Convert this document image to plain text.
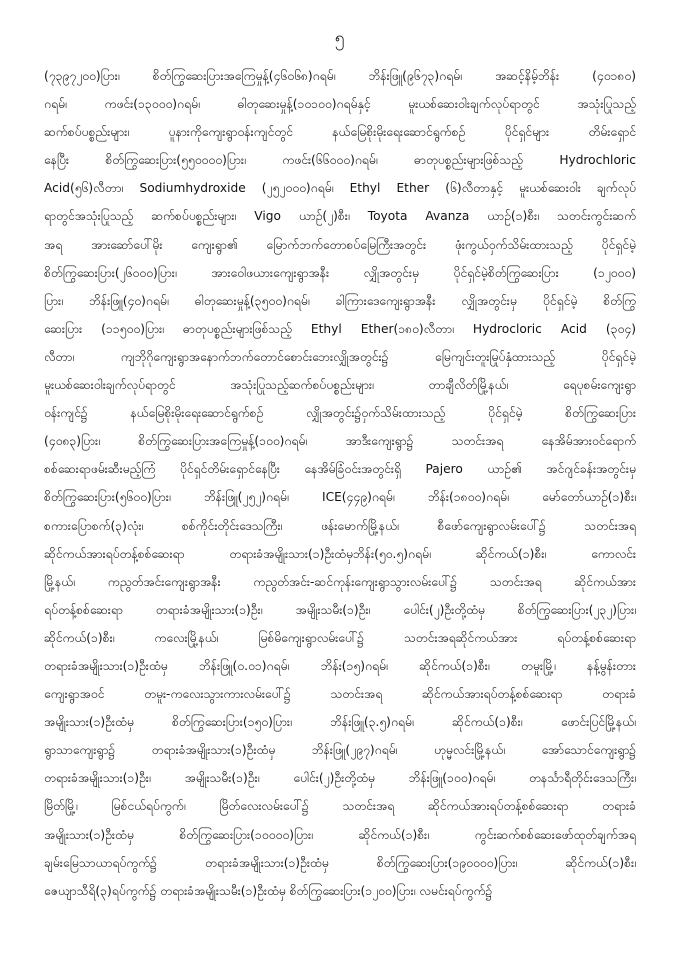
၅
(၇၃၉၇၂၀၀)ပြား၊ စိတ်ကြွဆေးပြားအကြေမှုန့်(၄၆၀၆၈)ဂရမ်၊ ဘိန်းဖြူ(၉၆၇၃)ဂရမ်၊ အဆင့်နိမ့်ဘိန်း (၄၀၁၈၀)
ဂရမ်၊ ကဖင်း(၁၃၀၀၀)ဂရမ်၊ ဓါတုဆေးမှုန့်(၁၀၁၀၀)ဂရမ်နှင့် မူးယစ်ဆေးဝါးချက်လုပ်ရာတွင် အသုံးပြုသည့်
ဆက်စပ်ပစ္စည်းများ၊ ပူနားကိုကျေးရွာဝန်းကျင်တွင် နယ်မြေစိုးမိုးရေးဆောင်ရွက်စဉ် ပိုင်ရှင်များ တိမ်းရှောင်
နေပြီး စိတ်ကြွဆေးပြား(၅၅၀၀၀၀)ပြား၊ ကဖင်း(၆၆၀၀၀)ဂရမ်၊ ဓာတုပစ္စည်းများဖြစ်သည့် Hydrochloric
Acid(၅၆)လီတာ၊ Sodiumhydroxide (၂၅၂၀၀၀)ဂရမ်၊ Ethyl Ether (၆)လီတာနှင့် မူးယစ်ဆေးဝါး ချက်လုပ်
ရာတွင်အသုံးပြုသည့် ဆက်စပ်ပစ္စည်းများ၊ Vigo ယာဉ်(၂)စီး၊ Toyota Avanza ယာဉ်(၁)စီး၊ သတင်းကွင်းဆက်
အရ အားဆော်ပေါ်မိုး ကျေးရွာ၏ မြောက်ဘက်တောစပ်မြေကြီးအတွင်း ဖုံးကွယ်ဝှက်သိမ်းထားသည့် ပိုင်ရှင်မဲ့
စိတ်ကြွဆေးပြား(၂၆၀၀၀)ပြား၊ အားဝေါဖယားကျေးရွာအနီး လျှိုအတွင်းမှ ပိုင်ရှင်မဲ့စိတ်ကြွဆေးပြား (၁၂၀၀၀)
ပြား၊ ဘိန်းဖြူ(၄၀)ဂရမ်၊ ဓါတုဆေးမှုန့်(၃၅၀၀)ဂရမ်၊ ခါကြားဒေကျေးရွာအနီး လျှိုအတွင်းမှ ပိုင်ရှင်မဲ့ စိတ်ကြွ
ဆေးပြား (၁၁၅၀၀)ပြား၊ ဓာတုပစ္စည်းများဖြစ်သည့် Ethyl Ether(၁၈၀)လီတာ၊ Hydrocloric Acid (၃၀၄)
လီတာ၊ ကျဘိုဂိုကျေးရွာအနောက်ဘက်တောင်စောင်းဘေးလျှိုအတွင်း၌ မြေကျင်းတူးမြုပ်နှံထားသည့် ပိုင်ရှင်မဲ့
မူးယစ်ဆေးဝါးချက်လုပ်ရာတွင် အသုံးပြုသည့်ဆက်စပ်ပစ္စည်းများ၊ တာချီလိတ်မြို့နယ်၊ ရေပုစမ်းကျေးရွာ
ဝန်းကျင်၌ နယ်မြေစိုးမိုးရေးဆောင်ရွက်စဉ် လျှိုအတွင်း၌ဝှက်သိမ်းထားသည့် ပိုင်ရှင်မဲ့ စိတ်ကြွဆေးပြား
(၄၀၈၃)ပြား၊ စိတ်ကြွဆေးပြားအကြေမှုန့်(၁၀၀)ဂရမ်၊ အာဒီးကျေးရွာ၌ သတင်းအရ နေအိမ်အားဝင်ရောက်
စစ်ဆေးရာဖမ်းဆီးမည့်ကြံ ပိုင်ရှင်တိမ်းရှောင်နေပြီး နေအိမ်ခြံဝင်းအတွင်းရှိ Pajero ယာဉ်၏ အင်ဂျင်ခန်းအတွင်းမှ
စိတ်ကြွဆေးပြား(၅၆၀၀)ပြား၊ ဘိန်းဖြူ(၂၅၂)ဂရမ်၊ ICE(၄၄၉)ဂရမ်၊ ဘိန်း(၁၈၀၀)ဂရမ်၊ မော်တော်ယာဉ်(၁)စီး၊
စကားပြောစက်(၃)လုံး၊ စစ်ကိုင်းတိုင်းဒေသကြီး၊ ဖန်းမောက်မြို့နယ်၊ စီဖော်ကျေးရွာလမ်းပေါ်၌ သတင်းအရ
ဆိုင်ကယ်အားရပ်တန့်စစ်ဆေးရာ တရားခံအမျိုးသား(၁)ဦးထံမှဘိန်း(၅၀.၅)ဂရမ်၊ ဆိုင်ကယ်(၁)စီး၊ ကောလင်း
မြို့နယ်၊ ကညွတ်အင်းကျေးရွာအနီး ကညွတ်အင်း-ဆင်ကုန်းကျေးရွာသွားလမ်းပေါ်၌ သတင်းအရ ဆိုင်ကယ်အား
ရပ်တန့်စစ်ဆေးရာ တရားခံအမျိုးသား(၁)ဦး၊ အမျိုးသမီး(၁)ဦး၊ ပေါင်း(၂)ဦးတို့ထံမှ စိတ်ကြွဆေးပြား(၂၃၂)ပြား၊
ဆိုင်ကယ်(၁)စီး၊ ကလေးမြို့နယ်၊ မြစ်မိကျေးရွာလမ်းပေါ်၌ သတင်းအရဆိုင်ကယ်အား ရပ်တန့်စစ်ဆေးရာ
တရားခံအမျိုးသား(၁)ဦးထံမှ ဘိန်းဖြူ(၀.၀၁)ဂရမ်၊ ဘိန်း(၁၅)ဂရမ်၊ ဆိုင်ကယ်(၁)စီး၊ တမူးမြို့၊ နန့်မွန်းတား
ကျေးရွာအဝင် တမူး-ကလေးသွားကားလမ်းပေါ်၌ သတင်းအရ ဆိုင်ကယ်အားရပ်တန့်စစ်ဆေးရာ တရားခံ
အမျိုးသား(၁)ဦးထံမှ စိတ်ကြွဆေးပြား(၁၅၀)ပြား၊ ဘိန်းဖြူ(၃.၅)ဂရမ်၊ ဆိုင်ကယ်(၁)စီး၊ ဖောင်းပြင်မြို့နယ်၊
ရွာသာကျေးရွာ၌ တရားခံအမျိုးသား(၁)ဦးထံမှ ဘိန်းဖြူ(၂၉၇)ဂရမ်၊ ဟုမ္မလင်းမြို့နယ်၊ အော်သောင်ကျေးရွာ၌
တရားခံအမျိုးသား(၁)ဦး၊ အမျိုးသမီး(၁)ဦး၊ ပေါင်း(၂)ဦးတို့ထံမှ ဘိန်းဖြူ(၁၀၀)ဂရမ်၊ တနင်္သာရီတိုင်းဒေသကြီး၊
မြိတ်မြို့၊ မြစ်ငယ်ရပ်ကွက်၊ မြိတ်လေးလမ်းပေါ်၌ သတင်းအရ ဆိုင်ကယ်အားရပ်တန့်စစ်ဆေးရာ တရားခံ
အမျိုးသား(၁)ဦးထံမှ စိတ်ကြွဆေးပြား(၁၀၀၀၀)ပြား၊ ဆိုင်ကယ်(၁)စီး၊ ကွင်းဆက်စစ်ဆေးဖော်ထုတ်ချက်အရ
ချမ်းမြေသာယာရပ်ကွက်၌ တရားခံအမျိုးသား(၁)ဦးထံမှ စိတ်ကြွဆေးပြား(၁၉၀၀၀၀)ပြား၊ ဆိုင်ကယ်(၁)စီး၊
ဇေယျာသီရိ(၃)ရပ်ကွက်၌ တရားခံအမျိုးသမီး(၁)ဦးထံမှ စိတ်ကြွဆေးပြား(၁၂၀၀)ပြား၊ လမင်းရပ်ကွက်၌
